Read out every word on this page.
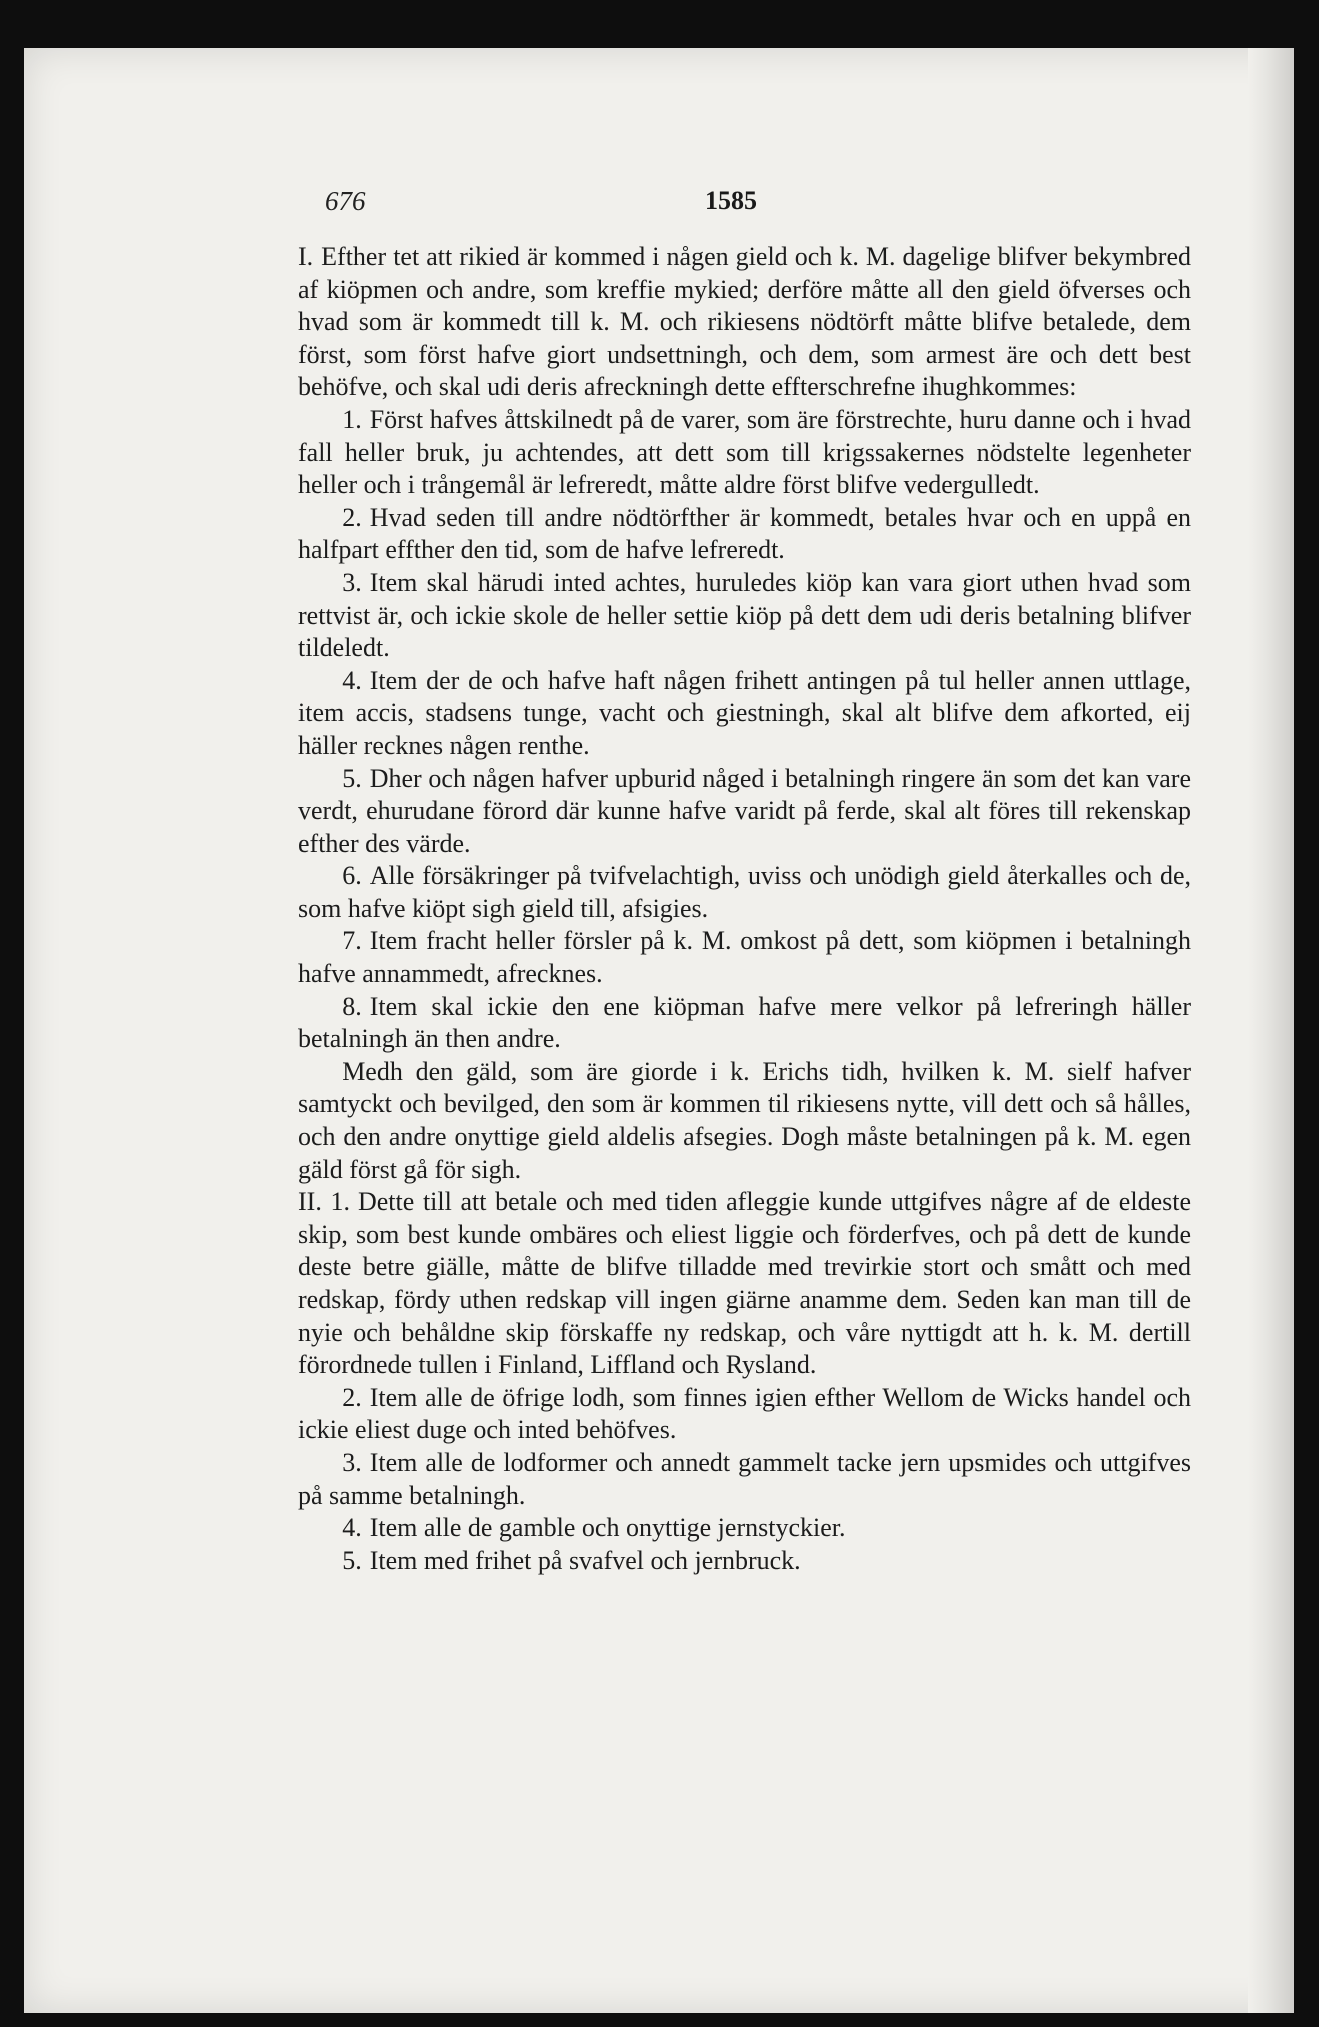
676	1585

I. Efther tet att rikied är kommed i någen gield och k. M. dagelige blifver bekymbred af kiöpmen och andre, som kreffie mykied; derföre måtte all den gield öfverses och hvad som är kommedt till k. M. och rikiesens nödtörft måtte blifve betalede, dem först, som först hafve giort undsettningh, och dem, som armest äre och dett best behöfve, och skal udi deris afreckningh dette effterschrefne ihughkommes:

1. Först hafves åttskilnedt på de varer, som äre förstrechte, huru danne och i hvad fall heller bruk, ju achtendes, att dett som till krigssakernes nödstelte legenheter heller och i trångemål är lefreredt, måtte aldre först blifve vedergulledt.

2. Hvad seden till andre nödtörfther är kommedt, betales hvar och en uppå en halfpart effther den tid, som de hafve lefreredt.

3. Item skal härudi inted achtes, huruledes kiöp kan vara giort uthen hvad som rettvist är, och ickie skole de heller settie kiöp på dett dem udi deris betalning blifver tildeledt.

4. Item der de och hafve haft någen frihett antingen på tul heller annen uttlage, item accis, stadsens tunge, vacht och giestningh, skal alt blifve dem afkorted, eij häller recknes någen renthe.

5. Dher och någen hafver upburid någed i betalningh ringere än som det kan vare verdt, ehurudane förord där kunne hafve varidt på ferde, skal alt föres till rekenskap efther des värde.

6. Alle försäkringer på tvifvelachtigh, uviss och unödigh gield återkalles och de, som hafve kiöpt sigh gield till, afsigies.

7. Item fracht heller försler på k. M. omkost på dett, som kiöpmen i betalningh hafve annammedt, afrecknes.

8. Item skal ickie den ene kiöpman hafve mere velkor på lefreringh häller betalningh än then andre.

Medh den gäld, som äre giorde i k. Erichs tidh, hvilken k. M. sielf hafver samtyckt och bevilged, den som är kommen til rikiesens nytte, vill dett och så hålles, och den andre onyttige gield aldelis afsegies. Dogh måste betalningen på k. M. egen gäld först gå för sigh.

II. 1. Dette till att betale och med tiden afleggie kunde uttgifves någre af de eldeste skip, som best kunde ombäres och eliest liggie och förderfves, och på dett de kunde deste betre giälle, måtte de blifve tilladde med trevirkie stort och smått och med redskap, fördy uthen redskap vill ingen giärne anamme dem. Seden kan man till de nyie och behåldne skip förskaffe ny redskap, och våre nyttigdt att h. k. M. dertill förordnede tullen i Finland, Liffland och Rysland.

2. Item alle de öfrige lodh, som finnes igien efther Wellom de Wicks handel och ickie eliest duge och inted behöfves.

3. Item alle de lodformer och annedt gammelt tacke jern upsmides och uttgifves på samme betalningh.

4. Item alle de gamble och onyttige jernstyckier.

5. Item med frihet på svafvel och jernbruck.
